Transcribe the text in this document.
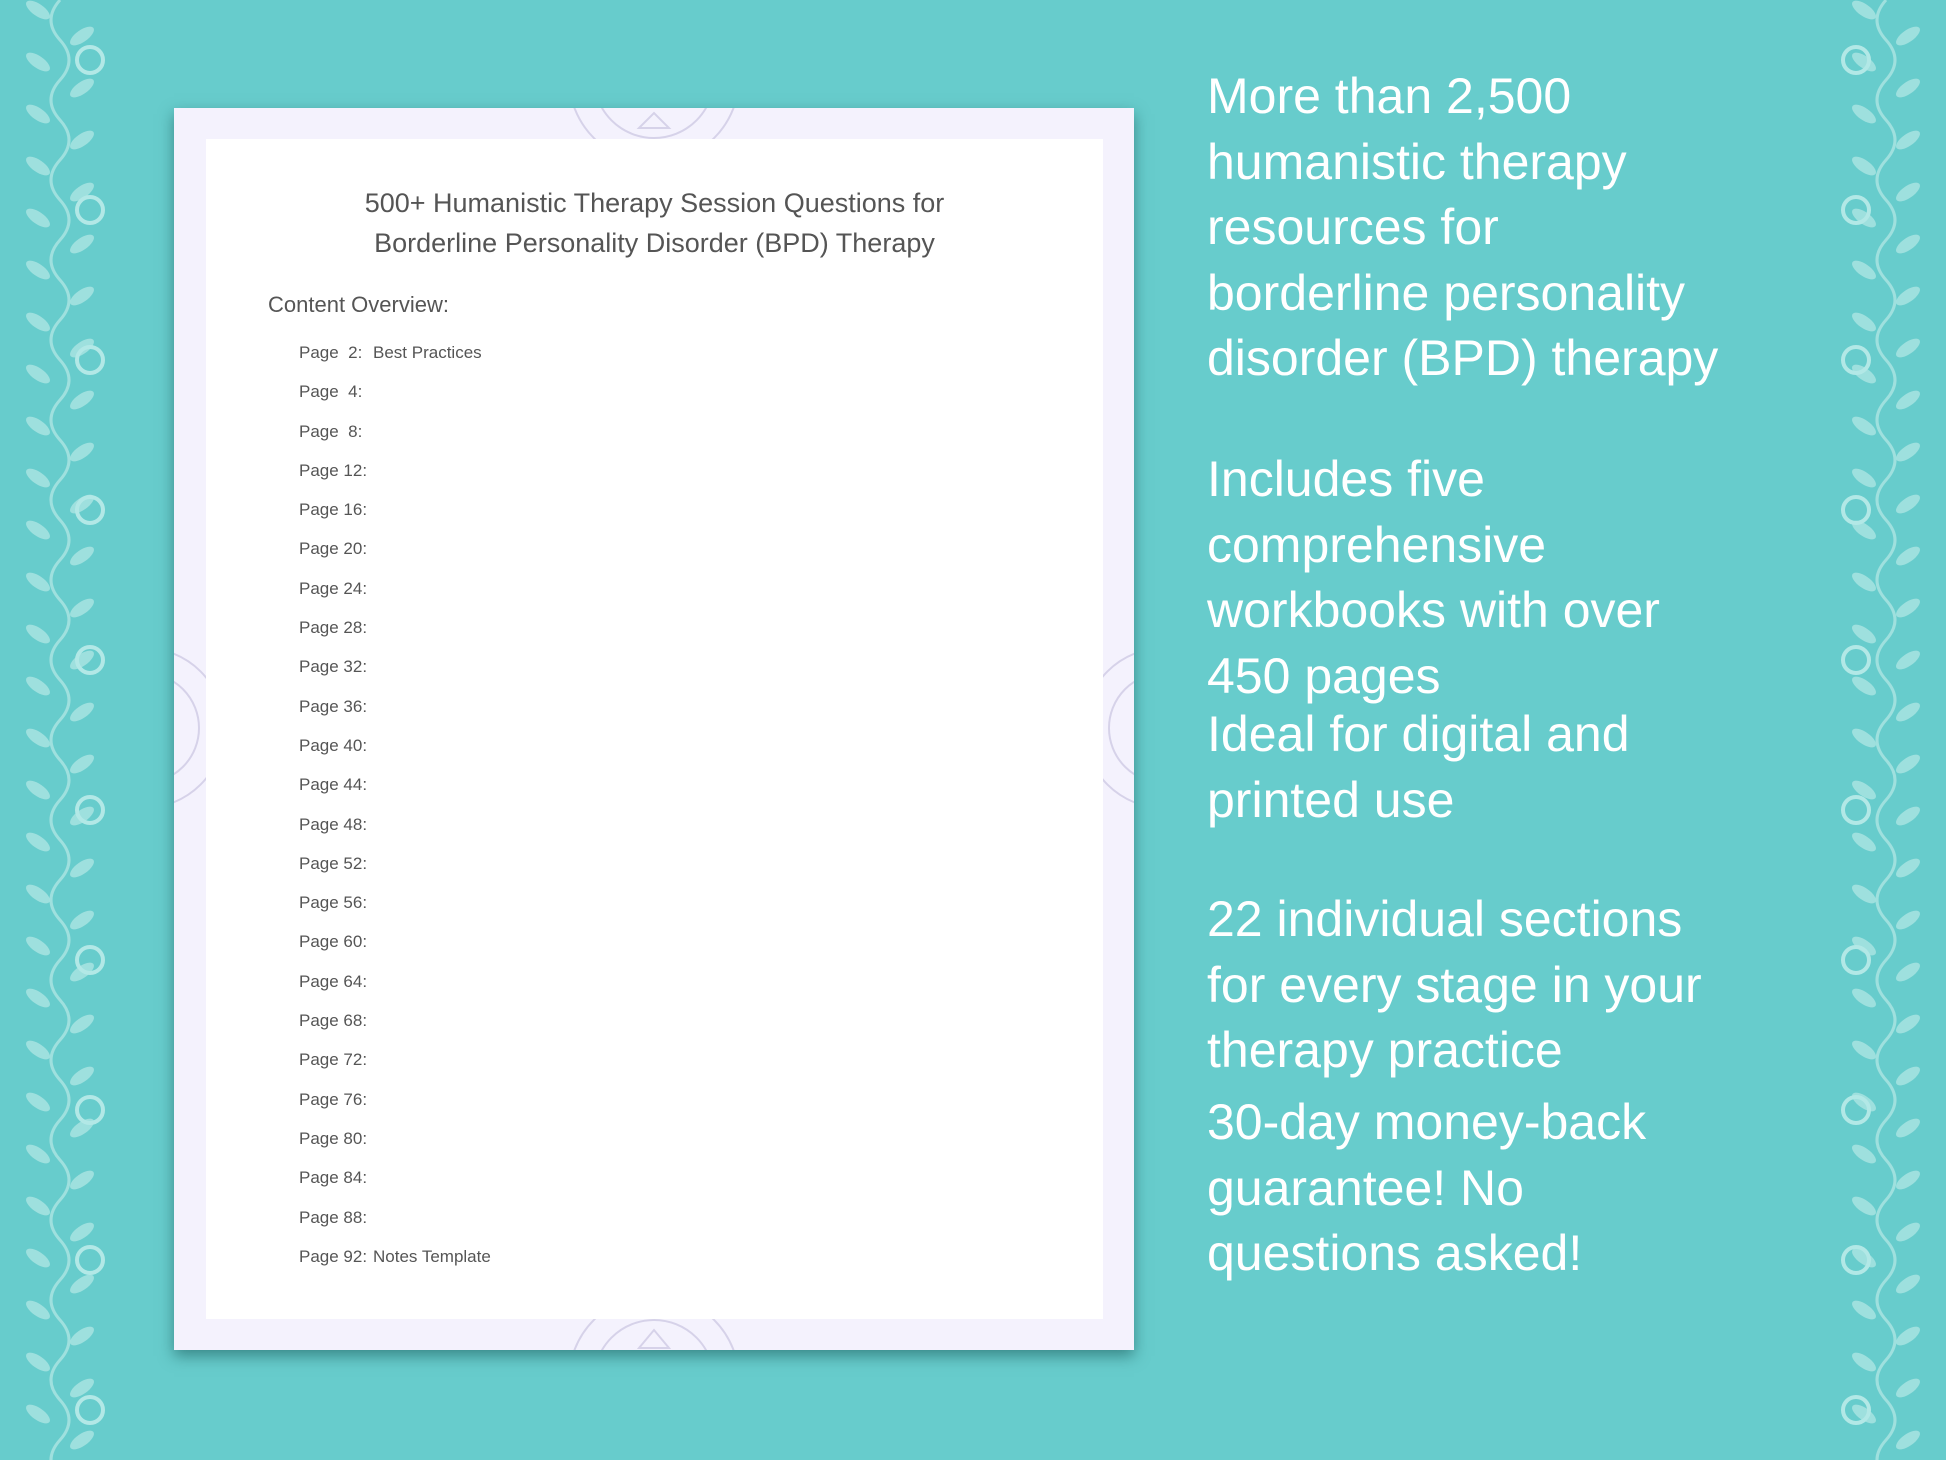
500+ Humanistic Therapy Session Questions for
Borderline Personality Disorder (BPD) Therapy
Content Overview:
Page  2: Best Practices
Page  4:
Page  8:
Page 12:
Page 16:
Page 20:
Page 24:
Page 28:
Page 32:
Page 36:
Page 40:
Page 44:
Page 48:
Page 52:
Page 56:
Page 60:
Page 64:
Page 68:
Page 72:
Page 76:
Page 80:
Page 84:
Page 88:
Page 92: Notes Template

More than 2,500
humanistic therapy
resources for
borderline personality
disorder (BPD) therapy

Includes five
comprehensive
workbooks with over
450 pages

Ideal for digital and
printed use

22 individual sections
for every stage in your
therapy practice

30-day money-back
guarantee! No
questions asked!
